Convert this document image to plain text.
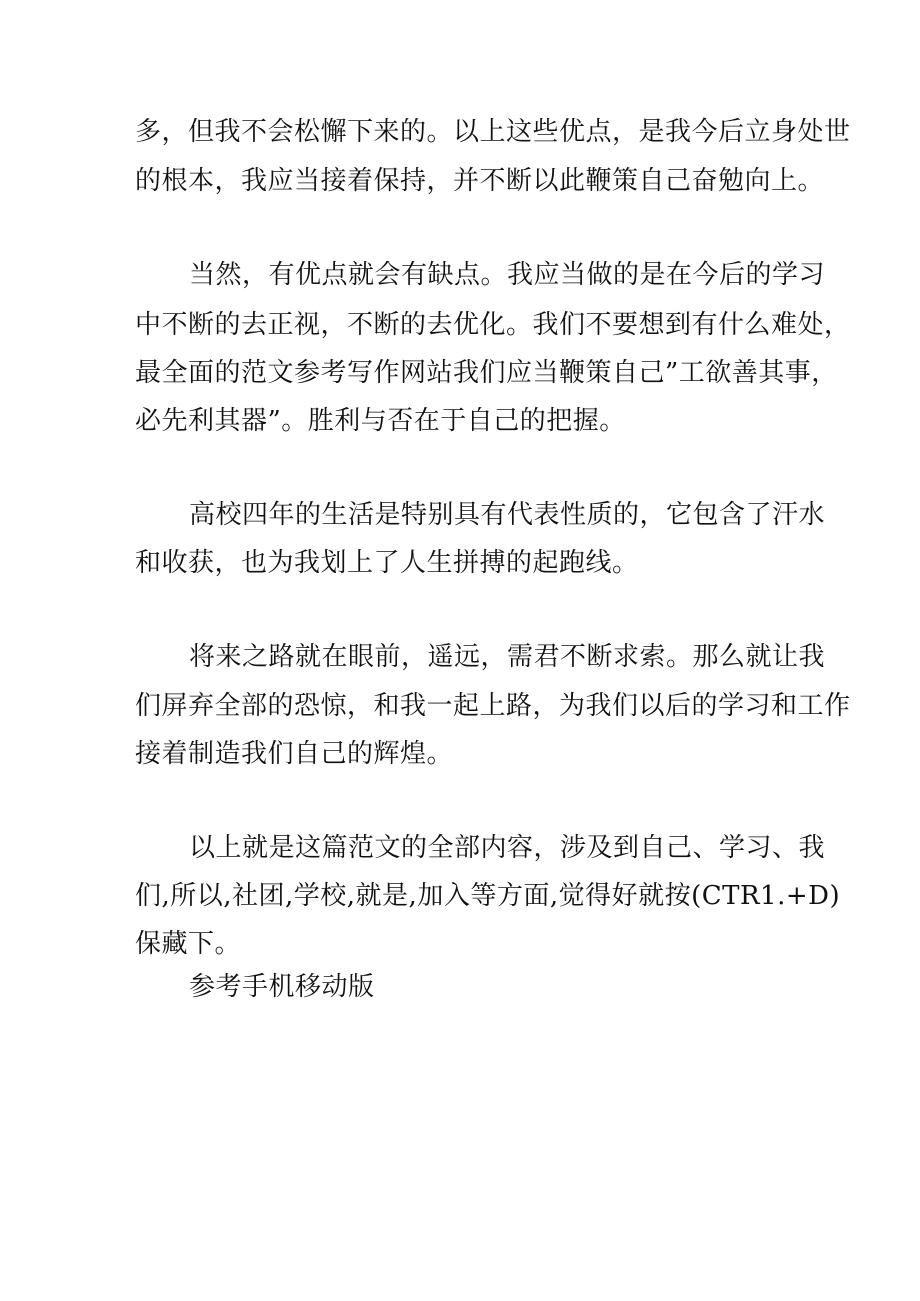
多，但我不会松懈下来的。以上这些优点，是我今后立身处世
的根本，我应当接着保持，并不断以此鞭策自己奋勉向上。
当然，有优点就会有缺点。我应当做的是在今后的学习
中不断的去正视，不断的去优化。我们不要想到有什么难处，
最全面的范文参考写作网站我们应当鞭策自己”工欲善其事，
必先利其器”。胜利与否在于自己的把握。
高校四年的生活是特别具有代表性质的，它包含了汗水
和收获，也为我划上了人生拼搏的起跑线。
将来之路就在眼前，遥远，需君不断求索。那么就让我
们屏弃全部的恐惊，和我一起上路，为我们以后的学习和工作
接着制造我们自己的辉煌。
以上就是这篇范文的全部内容，涉及到自己、学习、我
们,所以,社团,学校,就是,加入等方面,觉得好就按(CTR1.+D)
保藏下。
参考手机移动版
